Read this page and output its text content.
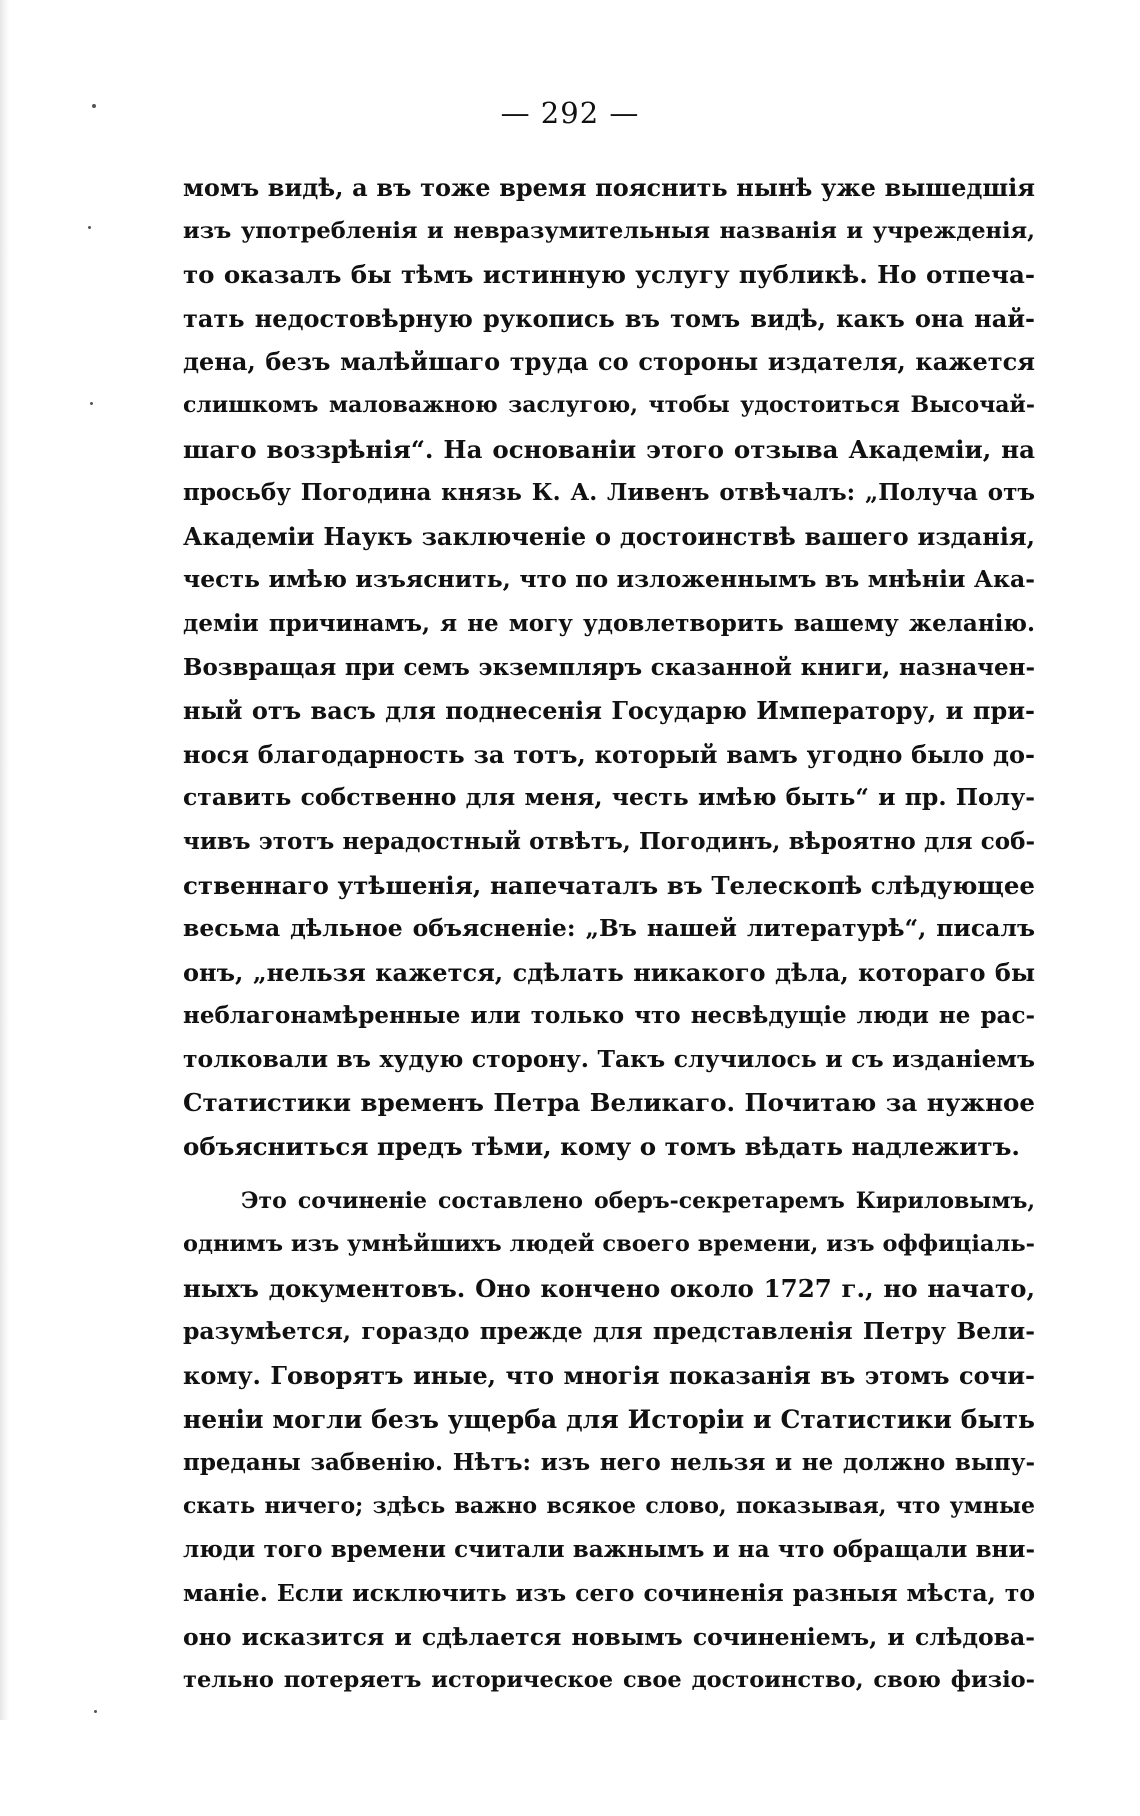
— 292 —
момъ видѣ, а въ тоже время пояснить нынѣ уже вышедшія
изъ употребленія и невразумительныя названія и учрежденія,
то оказалъ бы тѣмъ истинную услугу публикѣ. Но отпеча-
тать недостовѣрную рукопись въ томъ видѣ, какъ она най-
дена, безъ малѣйшаго труда со стороны издателя, кажется
слишкомъ маловажною заслугою, чтобы удостоиться Высочай-
шаго воззрѣнія“. На основаніи этого отзыва Академіи, на
просьбу Погодина князь К. А. Ливенъ отвѣчалъ: „Получа отъ
Академіи Наукъ заключеніе о достоинствѣ вашего изданія,
честь имѣю изъяснить, что по изложеннымъ въ мнѣніи Ака-
деміи причинамъ, я не могу удовлетворить вашему желанію.
Возвращая при семъ экземпляръ сказанной книги, назначен-
ный отъ васъ для поднесенія Государю Императору, и при-
нося благодарность за тотъ, который вамъ угодно было до-
ставить собственно для меня, честь имѣю быть“ и пр. Полу-
чивъ этотъ нерадостный отвѣтъ, Погодинъ, вѣроятно для соб-
ственнаго утѣшенія, напечаталъ въ Телескопѣ слѣдующее
весьма дѣльное объясненіе: „Въ нашей литературѣ“, писалъ
онъ, „нельзя кажется, сдѣлать никакого дѣла, котораго бы
неблагонамѣренные или только что несвѣдущіе люди не рас-
толковали въ худую сторону. Такъ случилось и съ изданіемъ
Статистики временъ Петра Великаго. Почитаю за нужное
объясниться предъ тѣми, кому о томъ вѣдать надлежитъ.
Это сочиненіе составлено оберъ-секретаремъ Кириловымъ,
однимъ изъ умнѣйшихъ людей своего времени, изъ оффиціаль-
ныхъ документовъ. Оно кончено около 1727 г., но начато,
разумѣется, гораздо прежде для представленія Петру Вели-
кому. Говорятъ иные, что многія показанія въ этомъ сочи-
неніи могли безъ ущерба для Исторіи и Статистики быть
преданы забвенію. Нѣтъ: изъ него нельзя и не должно выпу-
скать ничего; здѣсь важно всякое слово, показывая, что умные
люди того времени считали важнымъ и на что обращали вни-
маніе. Если исключить изъ сего сочиненія разныя мѣста, то
оно исказится и сдѣлается новымъ сочиненіемъ, и слѣдова-
тельно потеряетъ историческое свое достоинство, свою физіо-
